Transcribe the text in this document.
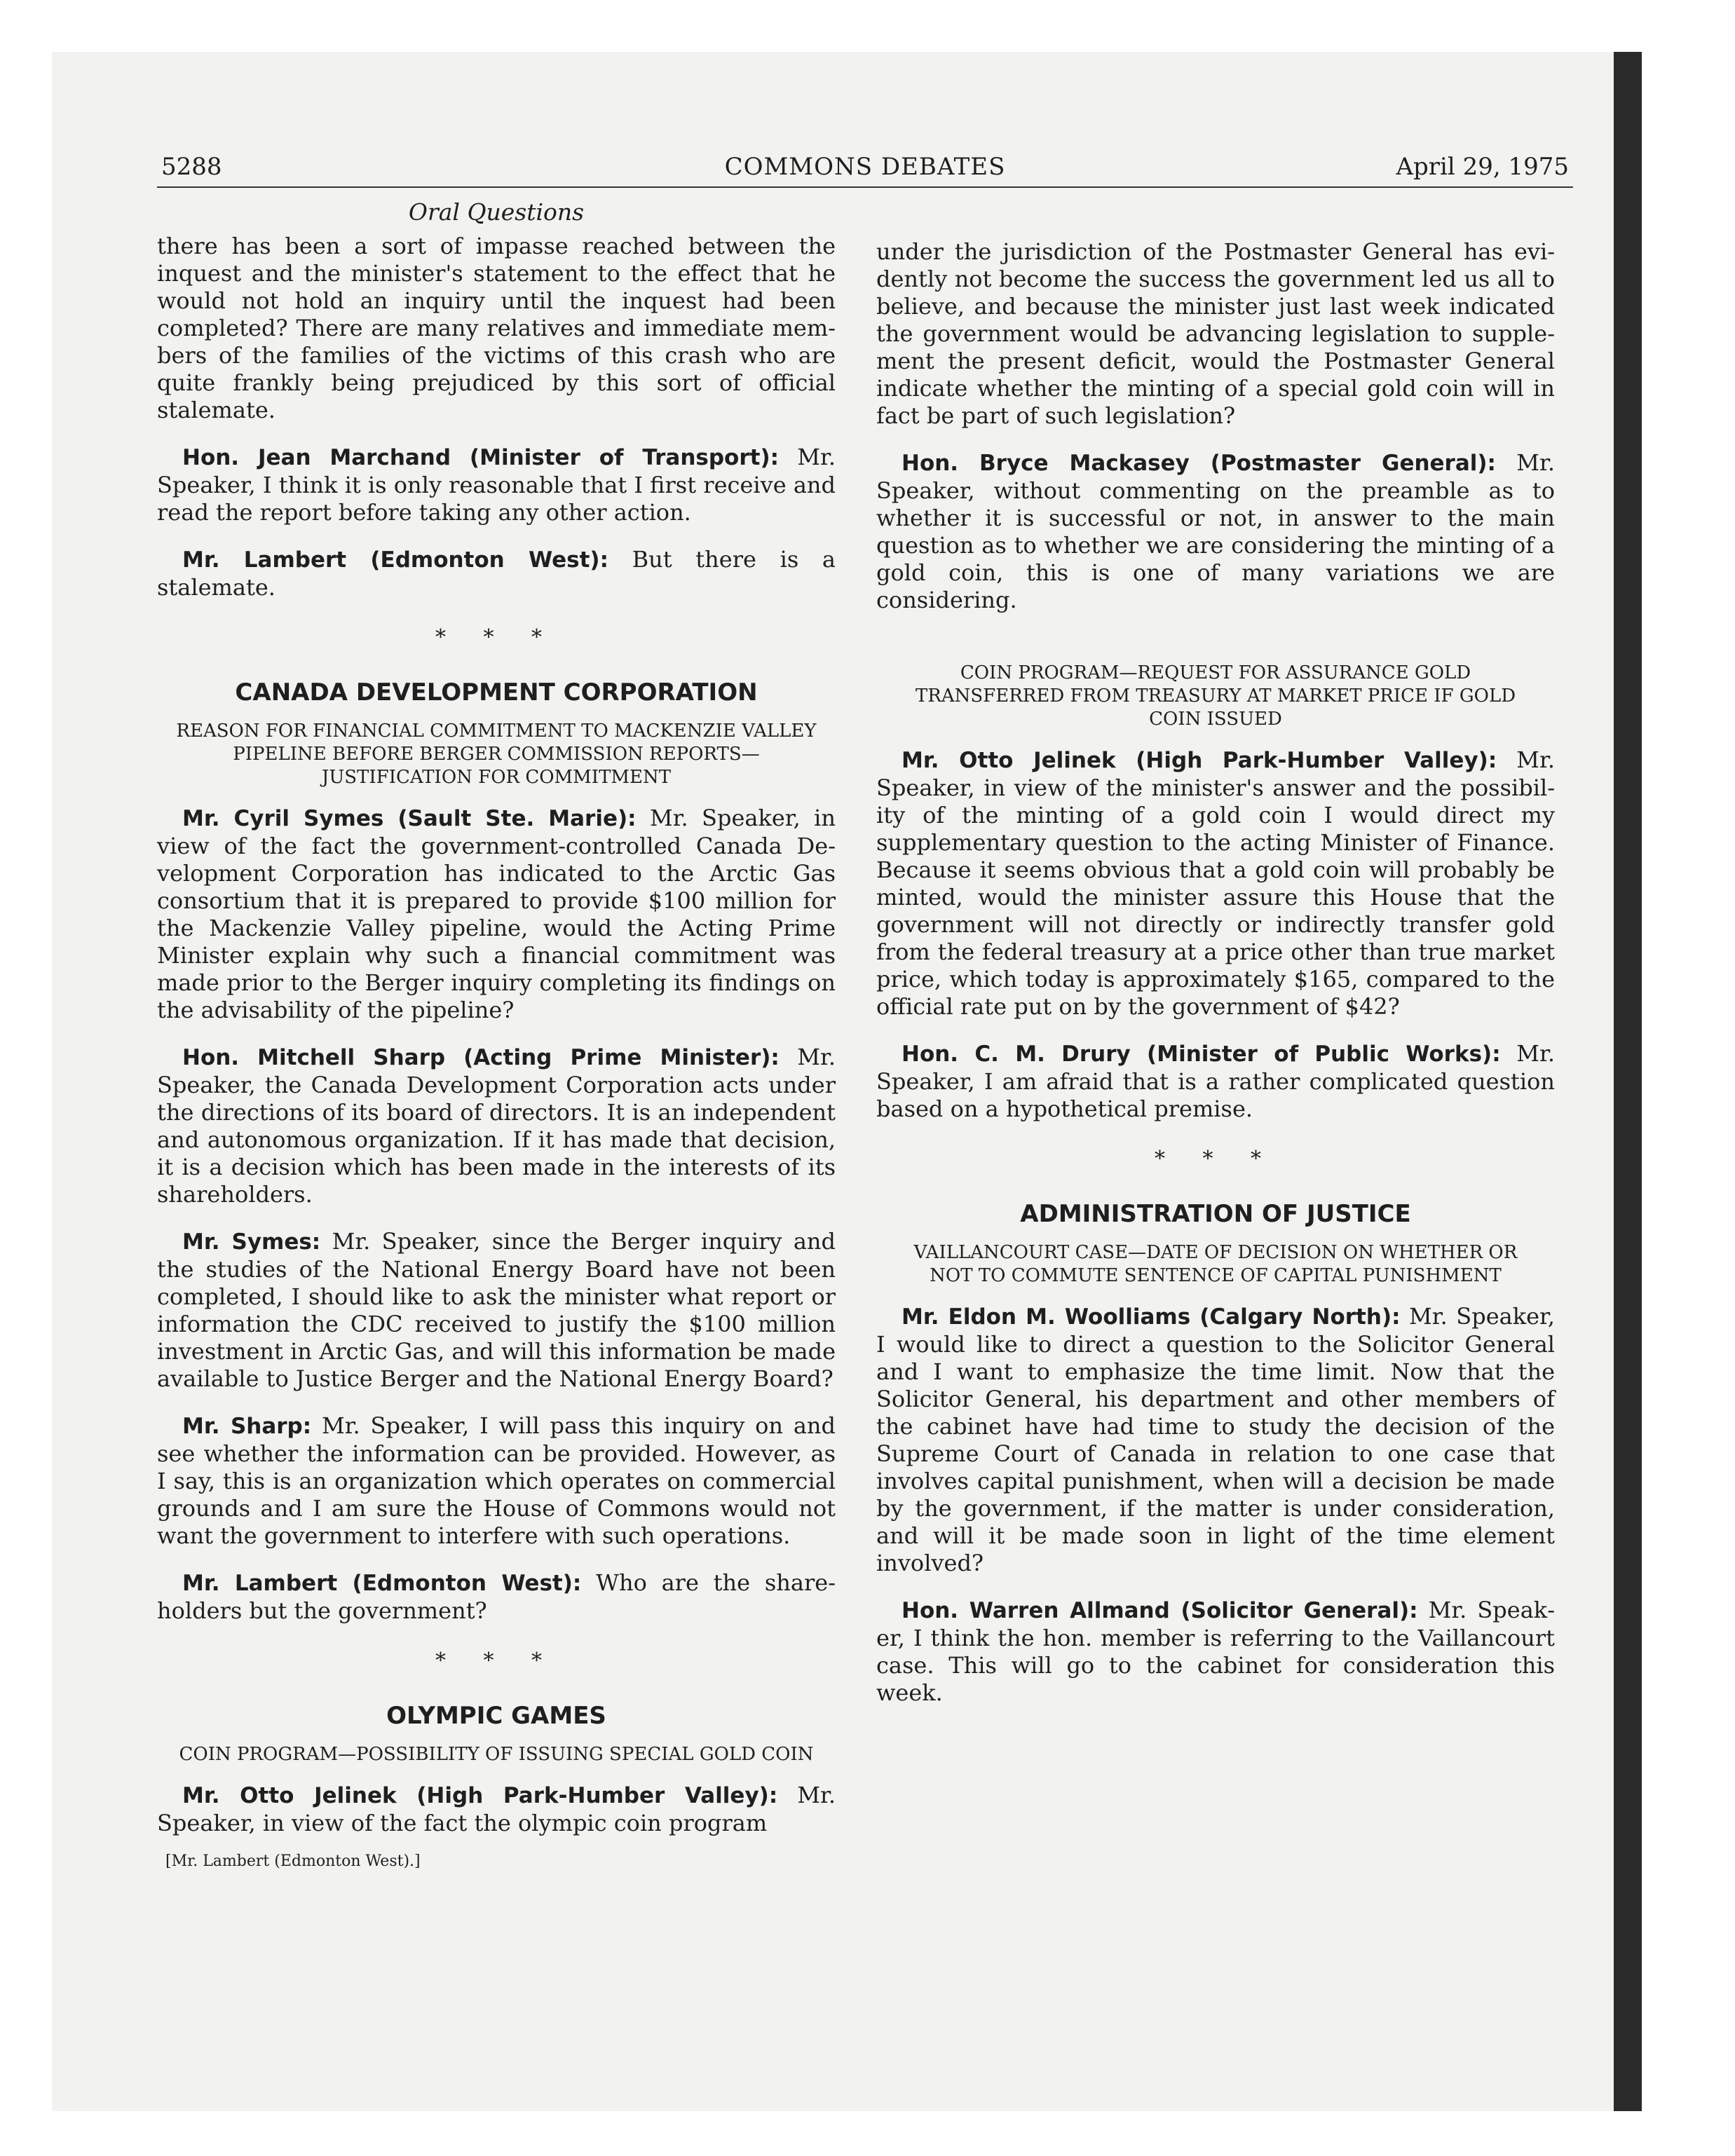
5288	COMMONS DEBATES	April 29, 1975
Oral Questions

there has been a sort of impasse reached between the inquest and the minister's statement to the effect that he would not hold an inquiry until the inquest had been completed? There are many relatives and immediate members of the families of the victims of this crash who are quite frankly being prejudiced by this sort of official stalemate.

Hon. Jean Marchand (Minister of Transport): Mr. Speaker, I think it is only reasonable that I first receive and read the report before taking any other action.

Mr. Lambert (Edmonton West): But there is a stalemate.

* * *
CANADA DEVELOPMENT CORPORATION
REASON FOR FINANCIAL COMMITMENT TO MACKENZIE VALLEY PIPELINE BEFORE BERGER COMMISSION REPORTS—JUSTIFICATION FOR COMMITMENT

Mr. Cyril Symes (Sault Ste. Marie): Mr. Speaker, in view of the fact the government-controlled Canada Development Corporation has indicated to the Arctic Gas consortium that it is prepared to provide $100 million for the Mackenzie Valley pipeline, would the Acting Prime Minister explain why such a financial commitment was made prior to the Berger inquiry completing its findings on the advisability of the pipeline?

Hon. Mitchell Sharp (Acting Prime Minister): Mr. Speaker, the Canada Development Corporation acts under the directions of its board of directors. It is an independent and autonomous organization. If it has made that decision, it is a decision which has been made in the interests of its shareholders.

Mr. Symes: Mr. Speaker, since the Berger inquiry and the studies of the National Energy Board have not been completed, I should like to ask the minister what report or information the CDC received to justify the $100 million investment in Arctic Gas, and will this information be made available to Justice Berger and the National Energy Board?

Mr. Sharp: Mr. Speaker, I will pass this inquiry on and see whether the information can be provided. However, as I say, this is an organization which operates on commercial grounds and I am sure the House of Commons would not want the government to interfere with such operations.

Mr. Lambert (Edmonton West): Who are the shareholders but the government?

* * *
OLYMPIC GAMES
COIN PROGRAM—POSSIBILITY OF ISSUING SPECIAL GOLD COIN

Mr. Otto Jelinek (High Park-Humber Valley): Mr. Speaker, in view of the fact the olympic coin program

[Mr. Lambert (Edmonton West).]

under the jurisdiction of the Postmaster General has evidently not become the success the government led us all to believe, and because the minister just last week indicated the government would be advancing legislation to supplement the present deficit, would the Postmaster General indicate whether the minting of a special gold coin will in fact be part of such legislation?

Hon. Bryce Mackasey (Postmaster General): Mr. Speaker, without commenting on the preamble as to whether it is successful or not, in answer to the main question as to whether we are considering the minting of a gold coin, this is one of many variations we are considering.

COIN PROGRAM—REQUEST FOR ASSURANCE GOLD TRANSFERRED FROM TREASURY AT MARKET PRICE IF GOLD COIN ISSUED

Mr. Otto Jelinek (High Park-Humber Valley): Mr. Speaker, in view of the minister's answer and the possibility of the minting of a gold coin I would direct my supplementary question to the acting Minister of Finance. Because it seems obvious that a gold coin will probably be minted, would the minister assure this House that the government will not directly or indirectly transfer gold from the federal treasury at a price other than true market price, which today is approximately $165, compared to the official rate put on by the government of $42?

Hon. C. M. Drury (Minister of Public Works): Mr. Speaker, I am afraid that is a rather complicated question based on a hypothetical premise.

* * *
ADMINISTRATION OF JUSTICE
VAILLANCOURT CASE—DATE OF DECISION ON WHETHER OR NOT TO COMMUTE SENTENCE OF CAPITAL PUNISHMENT

Mr. Eldon M. Woolliams (Calgary North): Mr. Speaker, I would like to direct a question to the Solicitor General and I want to emphasize the time limit. Now that the Solicitor General, his department and other members of the cabinet have had time to study the decision of the Supreme Court of Canada in relation to one case that involves capital punishment, when will a decision be made by the government, if the matter is under consideration, and will it be made soon in light of the time element involved?

Hon. Warren Allmand (Solicitor General): Mr. Speaker, I think the hon. member is referring to the Vaillancourt case. This will go to the cabinet for consideration this week.
